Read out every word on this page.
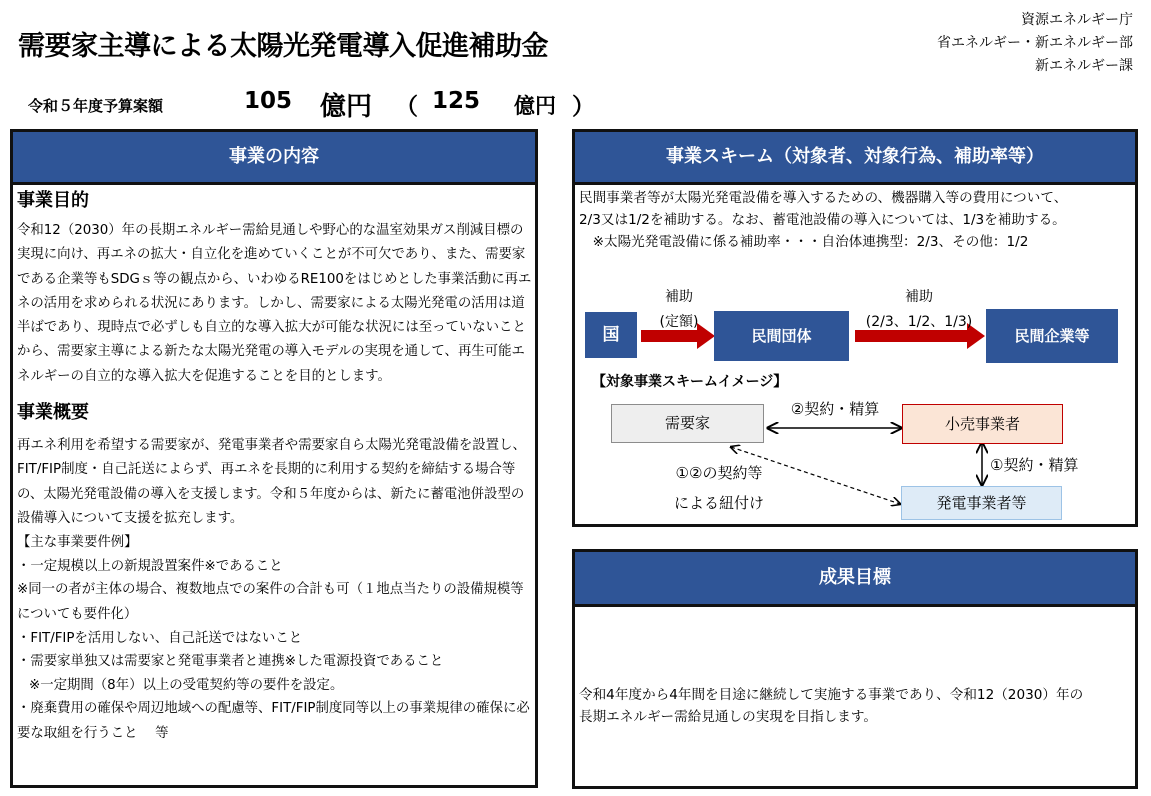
需要家主導による太陽光発電導入促進補助金
資源エネルギー庁
省エネルギー・新エネルギー部
新エネルギー課
令和５年度予算案額	105 億円 （ 125 億円 ）
事業の内容
事業目的

令和12（2030）年の長期エネルギー需給見通しや野心的な温室効果ガス削減目標の実現に向け、再エネの拡大・自立化を進めていくことが不可欠であり、また、需要家である企業等もSDGｓ等の観点から、いわゆるRE100をはじめとした事業活動に再エネの活用を求められる状況にあります。しかし、需要家による太陽光発電の活用は道半ばであり、現時点で必ずしも自立的な導入拡大が可能な状況には至っていないことから、需要家主導による新たな太陽光発電の導入モデルの実現を通して、再生可能エネルギーの自立的な導入拡大を促進することを目的とします。

事業概要

再エネ利用を希望する需要家が、発電事業者や需要家自ら太陽光発電設備を設置し、FIT/FIP制度・自己託送によらず、再エネを長期的に利用する契約を締結する場合等の、太陽光発電設備の導入を支援します。令和５年度からは、新たに蓄電池併設型の設備導入について支援を拡充します。

【主な事業要件例】
・一定規模以上の新規設置案件※であること

※同一の者が主体の場合、複数地点での案件の合計も可（１地点当たりの設備規模等についても要件化）

・FIT/FIPを活用しない、自己託送ではないこと
・需要家単独又は需要家と発電事業者と連携※した電源投資であること
※一定期間（8年）以上の受電契約等の要件を設定。

・廃棄費用の確保や周辺地域への配慮等、FIT/FIP制度同等以上の事業規律の確保に必要な取組を行うこと　 等

事業スキーム（対象者、対象行為、補助率等）
民間事業者等が太陽光発電設備を導入するための、機器購入等の費用について、
2/3又は1/2を補助する。なお、蓄電池設備の導入については、1/3を補助する。
　※太陽光発電設備に係る補助率・・・自治体連携型：2/3、その他：1/2
国
補助
(定額)
民間団体
補助
(2/3、1/2、1/3)
民間企業等
【対象事業スキームイメージ】
需要家	小売事業者
発電事業者等
②契約・精算
①契約・精算
①②の契約等
による紐付け
成果目標
令和4年度から4年間を目途に継続して実施する事業であり、令和12（2030）年の
長期エネルギー需給見通しの実現を目指します。
